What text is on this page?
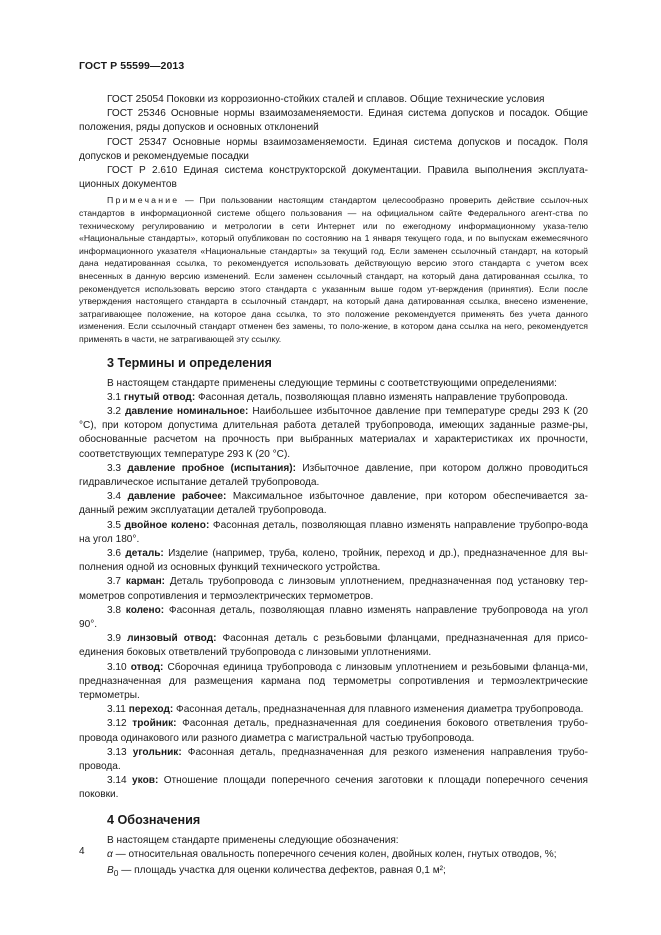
ГОСТ Р 55599—2013

ГОСТ 25054 Поковки из коррозионно-стойких сталей и сплавов. Общие технические условия

ГОСТ 25346 Основные нормы взаимозаменяемости. Единая система допусков и посадок. Общие положения, ряды допусков и основных отклонений

ГОСТ 25347 Основные нормы взаимозаменяемости. Единая система допусков и посадок. Поля допусков и рекомендуемые посадки

ГОСТ Р 2.610 Единая система конструкторской документации. Правила выполнения эксплуата-ционных документов

Примечание — При пользовании настоящим стандартом целесообразно проверить действие ссылоч-ных стандартов в информационной системе общего пользования — на официальном сайте Федерального агент-ства по техническому регулированию и метрологии в сети Интернет или по ежегодному информационному указа-телю «Национальные стандарты», который опубликован по состоянию на 1 января текущего года, и по выпускам ежемесячного информационного указателя «Национальные стандарты» за текущий год. Если заменен ссылочный стандарт, на который дана недатированная ссылка, то рекомендуется использовать действующую версию этого стандарта с учетом всех внесенных в данную версию изменений. Если заменен ссылочный стандарт, на который дана датированная ссылка, то рекомендуется использовать версию этого стандарта с указанным выше годом ут-верждения (принятия). Если после утверждения настоящего стандарта в ссылочный стандарт, на который дана датированная ссылка, внесено изменение, затрагивающее положение, на которое дана ссылка, то это положение рекомендуется применять без учета данного изменения. Если ссылочный стандарт отменен без замены, то поло-жение, в котором дана ссылка на него, рекомендуется применять в части, не затрагивающей эту ссылку.

3 Термины и определения

В настоящем стандарте применены следующие термины с соответствующими определениями:

3.1 гнутый отвод: Фасонная деталь, позволяющая плавно изменять направление трубопровода.

3.2 давление номинальное: Наибольшее избыточное давление при температуре среды 293 К (20 °С), при котором допустима длительная работа деталей трубопровода, имеющих заданные разме-ры, обоснованные расчетом на прочность при выбранных материалах и характеристиках их прочности, соответствующих температуре 293 К (20 °С).

3.3 давление пробное (испытания): Избыточное давление, при котором должно проводиться гидравлическое испытание деталей трубопровода.

3.4 давление рабочее: Максимальное избыточное давление, при котором обеспечивается за-данный режим эксплуатации деталей трубопровода.

3.5 двойное колено: Фасонная деталь, позволяющая плавно изменять направление трубопро-вода на угол 180°.

3.6 деталь: Изделие (например, труба, колено, тройник, переход и др.), предназначенное для вы-полнения одной из основных функций технического устройства.

3.7 карман: Деталь трубопровода с линзовым уплотнением, предназначенная под установку тер-мометров сопротивления и термоэлектрических термометров.

3.8 колено: Фасонная деталь, позволяющая плавно изменять направление трубопровода на угол 90°.

3.9 линзовый отвод: Фасонная деталь с резьбовыми фланцами, предназначенная для присо-единения боковых ответвлений трубопровода с линзовыми уплотнениями.

3.10 отвод: Сборочная единица трубопровода с линзовым уплотнением и резьбовыми фланца-ми, предназначенная для размещения кармана под термометры сопротивления и термоэлектрические термометры.

3.11 переход: Фасонная деталь, предназначенная для плавного изменения диаметра трубопровода.

3.12 тройник: Фасонная деталь, предназначенная для соединения бокового ответвления трубо-провода одинакового или разного диаметра с магистральной частью трубопровода.

3.13 угольник: Фасонная деталь, предназначенная для резкого изменения направления трубо-провода.

3.14 уков: Отношение площади поперечного сечения заготовки к площади поперечного сечения поковки.

4 Обозначения

В настоящем стандарте применены следующие обозначения:

α — относительная овальность поперечного сечения колен, двойных колен, гнутых отводов, %;

$B_0$ — площадь участка для оценки количества дефектов, равная 0,1 м²;

4
